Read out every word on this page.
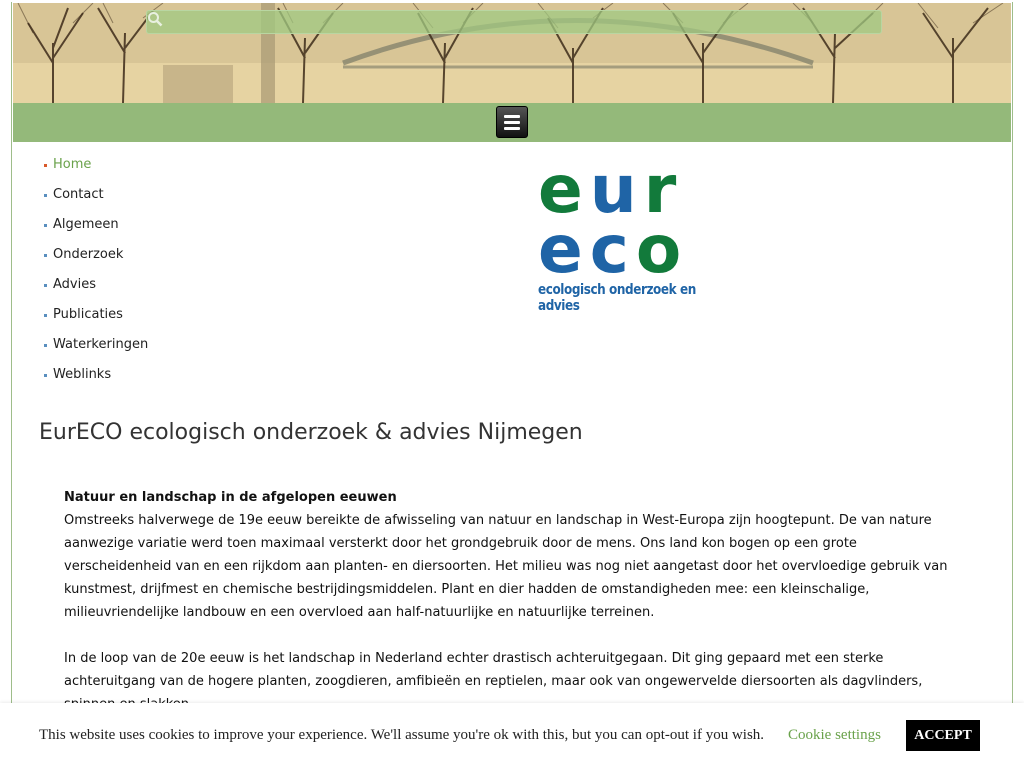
Home
Contact
Algemeen
Onderzoek
Advies
Publicaties
Waterkeringen
Weblinks
eur
eco
ecologisch onderzoek en advies
EurECO ecologisch onderzoek & advies Nijmegen
Natuur en landschap in de afgelopen eeuwen

Omstreeks halverwege de 19e eeuw bereikte de afwisseling van natuur en landschap in West-Europa zijn hoogtepunt. De van nature aanwezige variatie werd toen maximaal versterkt door het grondgebruik door de mens. Ons land kon bogen op een grote verscheidenheid van en een rijkdom aan planten- en diersoorten. Het milieu was nog niet aangetast door het overvloedige gebruik van kunstmest, drijfmest en chemische bestrijdingsmiddelen. Plant en dier hadden de omstandigheden mee: een kleinschalige, milieuvriendelijke landbouw en een overvloed aan half-natuurlijke en natuurlijke terreinen.

In de loop van de 20e eeuw is het landschap in Nederland echter drastisch achteruitgegaan. Dit ging gepaard met een sterke achteruitgang van de hogere planten, zoogdieren, amfibieën en reptielen, maar ook van ongewervelde diersoorten als dagvlinders,

This website uses cookies to improve your experience. We'll assume you're ok with this, but you can opt-out if you wish. Cookie settings	ACCEPT
